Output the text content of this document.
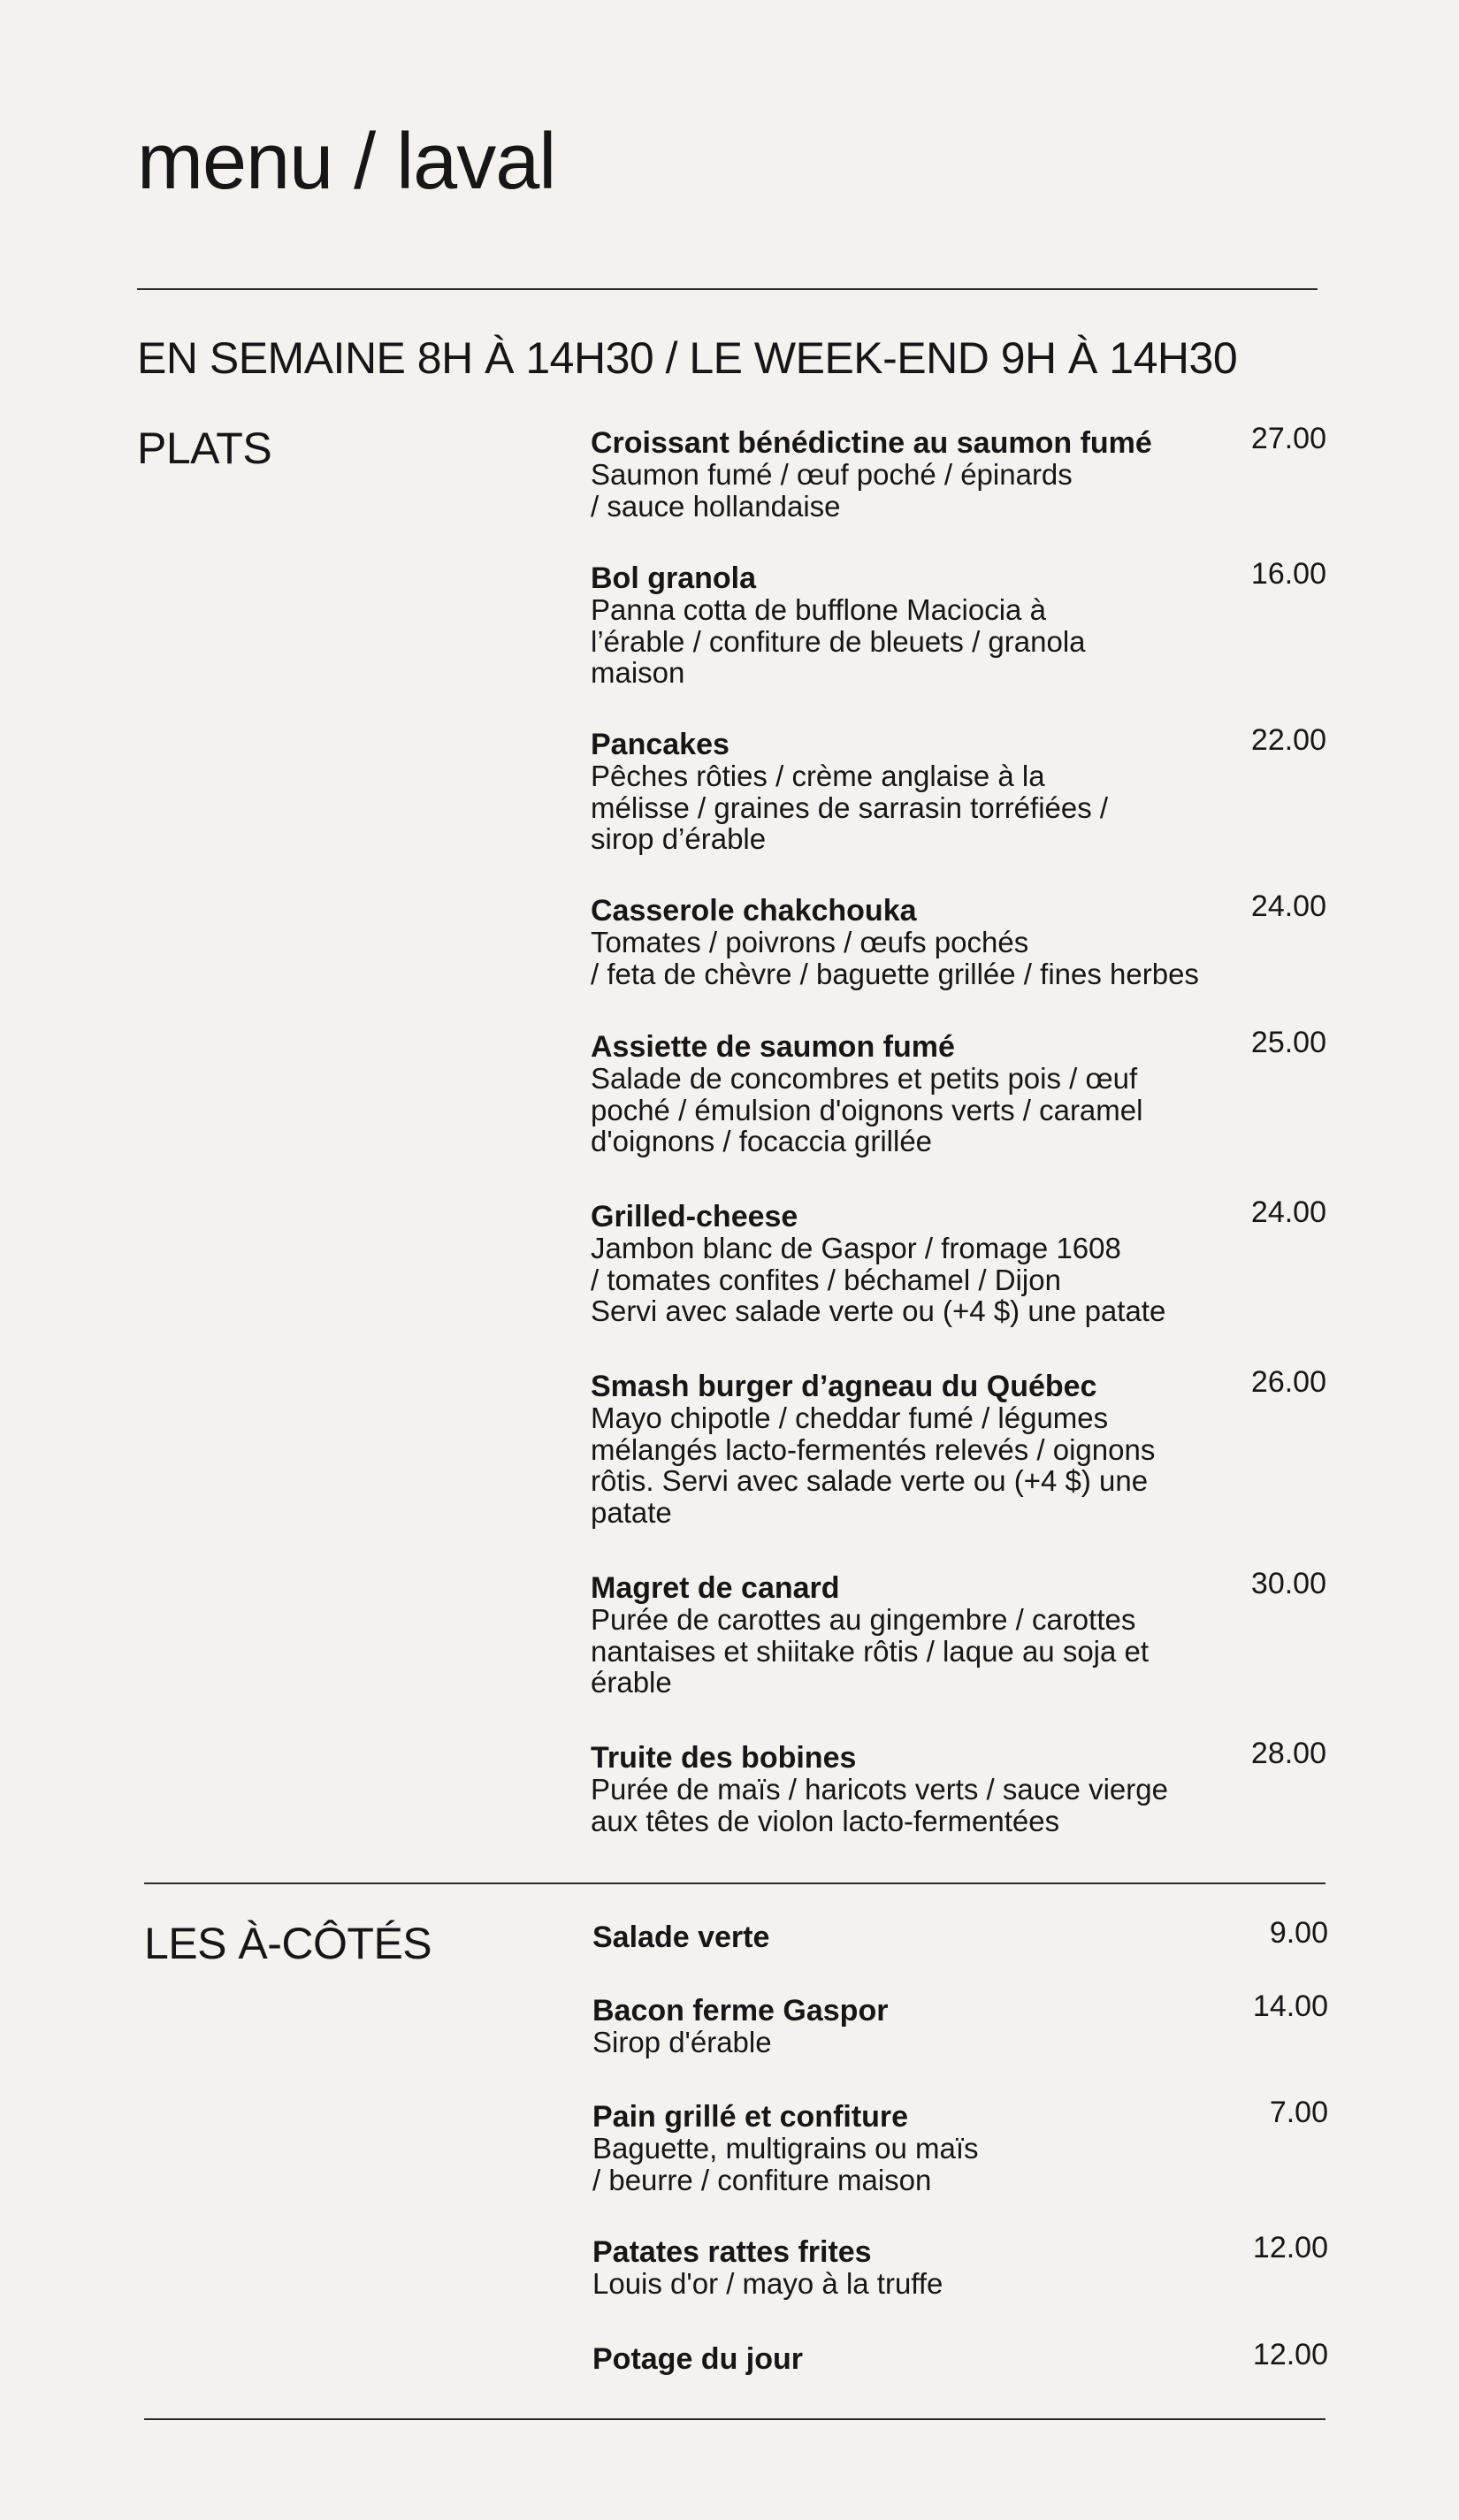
menu / laval
EN SEMAINE 8H À 14H30 / LE WEEK-END 9H À 14H30
PLATS	Croissant bénédictine au saumon fumé
Saumon fumé / œuf poché / épinards
/ sauce hollandaise
27.00
Bol granola
Panna cotta de bufflone Maciocia à
l’érable / confiture de bleuets / granola
maison
16.00
Pancakes
Pêches rôties / crème anglaise à la
mélisse / graines de sarrasin torréfiées /
sirop d’érable
22.00
Casserole chakchouka
Tomates / poivrons / œufs pochés
/ feta de chèvre / baguette grillée / fines herbes
24.00
Assiette de saumon fumé
Salade de concombres et petits pois / œuf
poché / émulsion d'oignons verts / caramel
d'oignons / focaccia grillée
25.00
Grilled-cheese
Jambon blanc de Gaspor / fromage 1608
/ tomates confites / béchamel / Dijon
Servi avec salade verte ou (+4 $) une patate
24.00
Smash burger d’agneau du Québec
Mayo chipotle / cheddar fumé / légumes
mélangés lacto-fermentés relevés / oignons
rôtis. Servi avec salade verte ou (+4 $) une
patate
26.00
Magret de canard
Purée de carottes au gingembre / carottes
nantaises et shiitake rôtis / laque au soja et
érable
30.00
Truite des bobines
Purée de maïs / haricots verts / sauce vierge
aux têtes de violon lacto-fermentées
28.00
LES À-CÔTÉS	Salade verte	9.00
Bacon ferme Gaspor
Sirop d'érable
14.00
Pain grillé et confiture
Baguette, multigrains ou maïs
/ beurre / confiture maison
7.00
Patates rattes frites
Louis d'or / mayo à la truffe
12.00
Potage du jour	12.00
